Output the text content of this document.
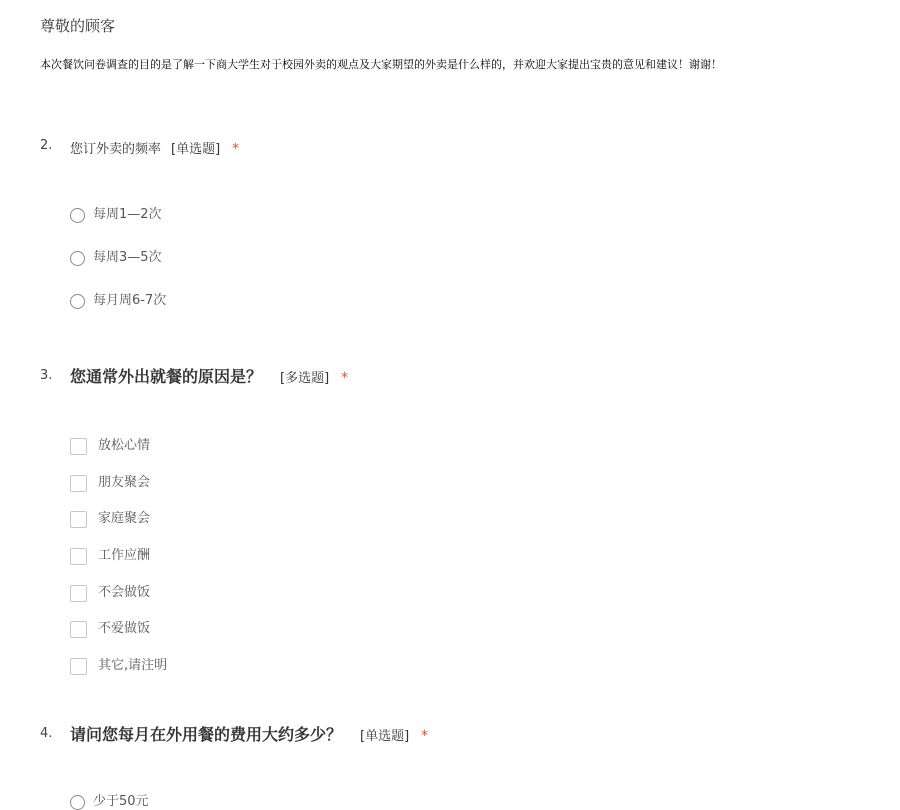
尊敬的顾客
本次餐饮问卷调查的目的是了解一下商大学生对于校园外卖的观点及大家期望的外卖是什么样的，并欢迎大家提出宝贵的意见和建议！谢谢！
2. 您订外卖的频率 [单选题] *
每周1—2次
每周3—5次
每月周6-7次
3. 您通常外出就餐的原因是？ [多选题] *
放松心情
朋友聚会
家庭聚会
工作应酬
不会做饭
不爱做饭
其它,请注明
4. 请问您每月在外用餐的费用大约多少？ [单选题] *
少于50元
